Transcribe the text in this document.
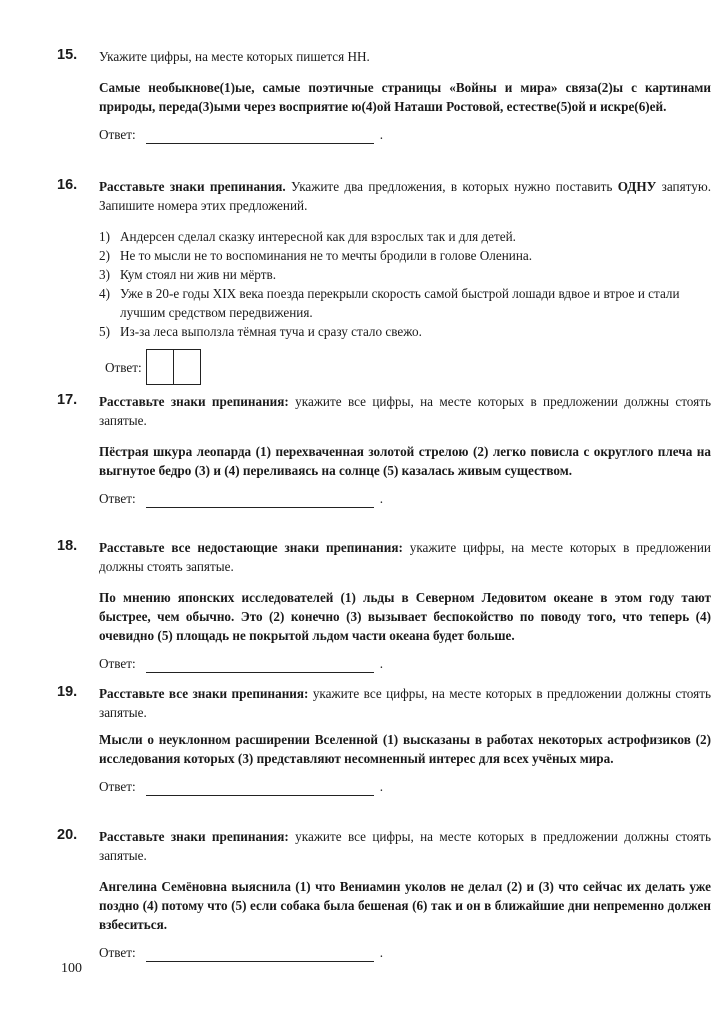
15. Укажите цифры, на месте которых пишется НН.

Самые необыкнове(1)ые, самые поэтичные страницы «Войны и мира» связа(2)ы с картинами природы, переда(3)ыми через восприятие ю(4)ой Наташи Ростовой, естестве(5)ой и искре(6)ей.

Ответ:	.
16. Расставьте знаки препинания. Укажите два предложения, в которых нужно поставить ОДНУ запятую. Запишите номера этих предложений.

1) Андерсен сделал сказку интересной как для взрослых так и для детей.
2) Не то мысли не то воспоминания не то мечты бродили в голове Оленина.
3) Кум стоял ни жив ни мёртв.
4) Уже в 20-е годы XIX века поезда перекрыли скорость самой быстрой лошади вдвое и втрое и стали лучшим средством передвижения.
5) Из-за леса выползла тёмная туча и сразу стало свежо.
Ответ:
17. Расставьте знаки препинания: укажите все цифры, на месте которых в предложении должны стоять запятые.

Пёстрая шкура леопарда (1) перехваченная золотой стрелою (2) легко повисла с округлого плеча на выгнутое бедро (3) и (4) переливаясь на солнце (5) казалась живым существом.

Ответ:	.
18. Расставьте все недостающие знаки препинания: укажите цифры, на месте которых в предложении должны стоять запятые.

По мнению японских исследователей (1) льды в Северном Ледовитом океане в этом году тают быстрее, чем обычно. Это (2) конечно (3) вызывает беспокойство по поводу того, что теперь (4) очевидно (5) площадь не покрытой льдом части океана будет больше.

Ответ:	.
19. Расставьте все знаки препинания: укажите все цифры, на месте которых в предложении должны стоять запятые.

Мысли о неуклонном расширении Вселенной (1) высказаны в работах некоторых астрофизиков (2) исследования которых (3) представляют несомненный интерес для всех учёных мира.

Ответ:	.
20. Расставьте знаки препинания: укажите все цифры, на месте которых в предложении должны стоять запятые.

Ангелина Семёновна выяснила (1) что Вениамин уколов не делал (2) и (3) что сейчас их делать уже поздно (4) потому что (5) если собака была бешеная (6) так и он в ближайшие дни непременно должен взбеситься.

Ответ:	.
100
